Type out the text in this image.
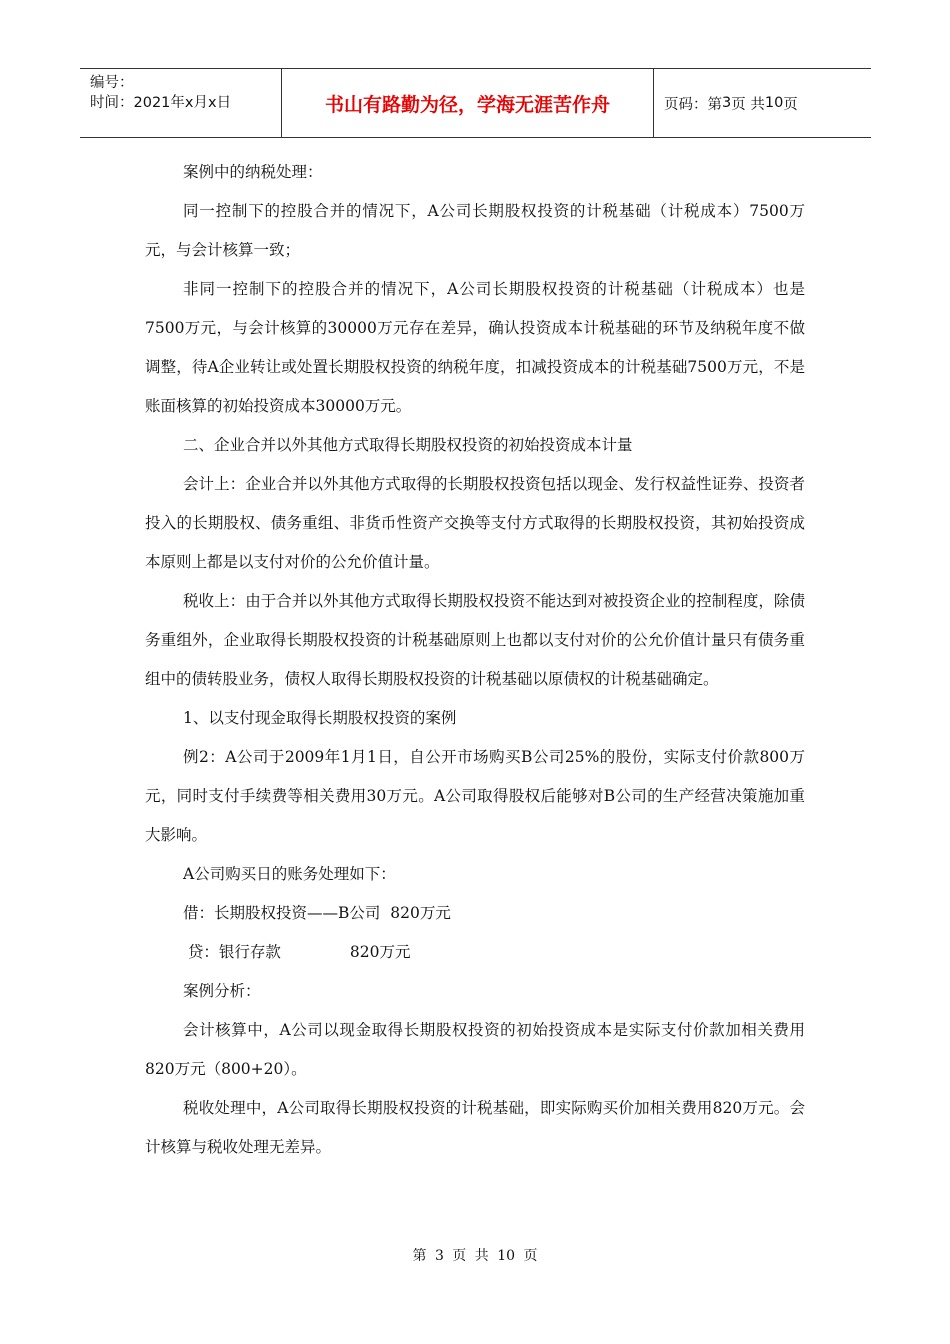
编号：
时间：2021年x月x日	书山有路勤为径，学海无涯苦作舟	页码：第 3 页 共 10 页

案例中的纳税处理：

同一控制下的控股合并的情况下，A公司长期股权投资的计税基础（计税成本）7500万元，与会计核算一致；

非同一控制下的控股合并的情况下，A公司长期股权投资的计税基础（计税成本）也是7500万元，与会计核算的30000万元存在差异，确认投资成本计税基础的环节及纳税年度不做调整，待A企业转让或处置长期股权投资的纳税年度，扣减投资成本的计税基础7500万元，不是账面核算的初始投资成本30000万元。

二、企业合并以外其他方式取得长期股权投资的初始投资成本计量

会计上：企业合并以外其他方式取得的长期股权投资包括以现金、发行权益性证券、投资者投入的长期股权、债务重组、非货币性资产交换等支付方式取得的长期股权投资，其初始投资成本原则上都是以支付对价的公允价值计量。

税收上：由于合并以外其他方式取得长期股权投资不能达到对被投资企业的控制程度，除债务重组外，企业取得长期股权投资的计税基础原则上也都以支付对价的公允价值计量只有债务重组中的债转股业务，债权人取得长期股权投资的计税基础以原债权的计税基础确定。

1、以支付现金取得长期股权投资的案例

例2：A公司于2009年1月1日，自公开市场购买B公司25%的股份，实际支付价款800万元，同时支付手续费等相关费用30万元。A公司取得股权后能够对B公司的生产经营决策施加重大影响。

A公司购买日的账务处理如下：

借：长期股权投资——B公司  820万元

贷：银行存款              820万元

案例分析：

会计核算中，A公司以现金取得长期股权投资的初始投资成本是实际支付价款加相关费用820万元（800+20）。

税收处理中，A公司取得长期股权投资的计税基础，即实际购买价加相关费用820万元。会计核算与税收处理无差异。

第 3 页 共 10 页
